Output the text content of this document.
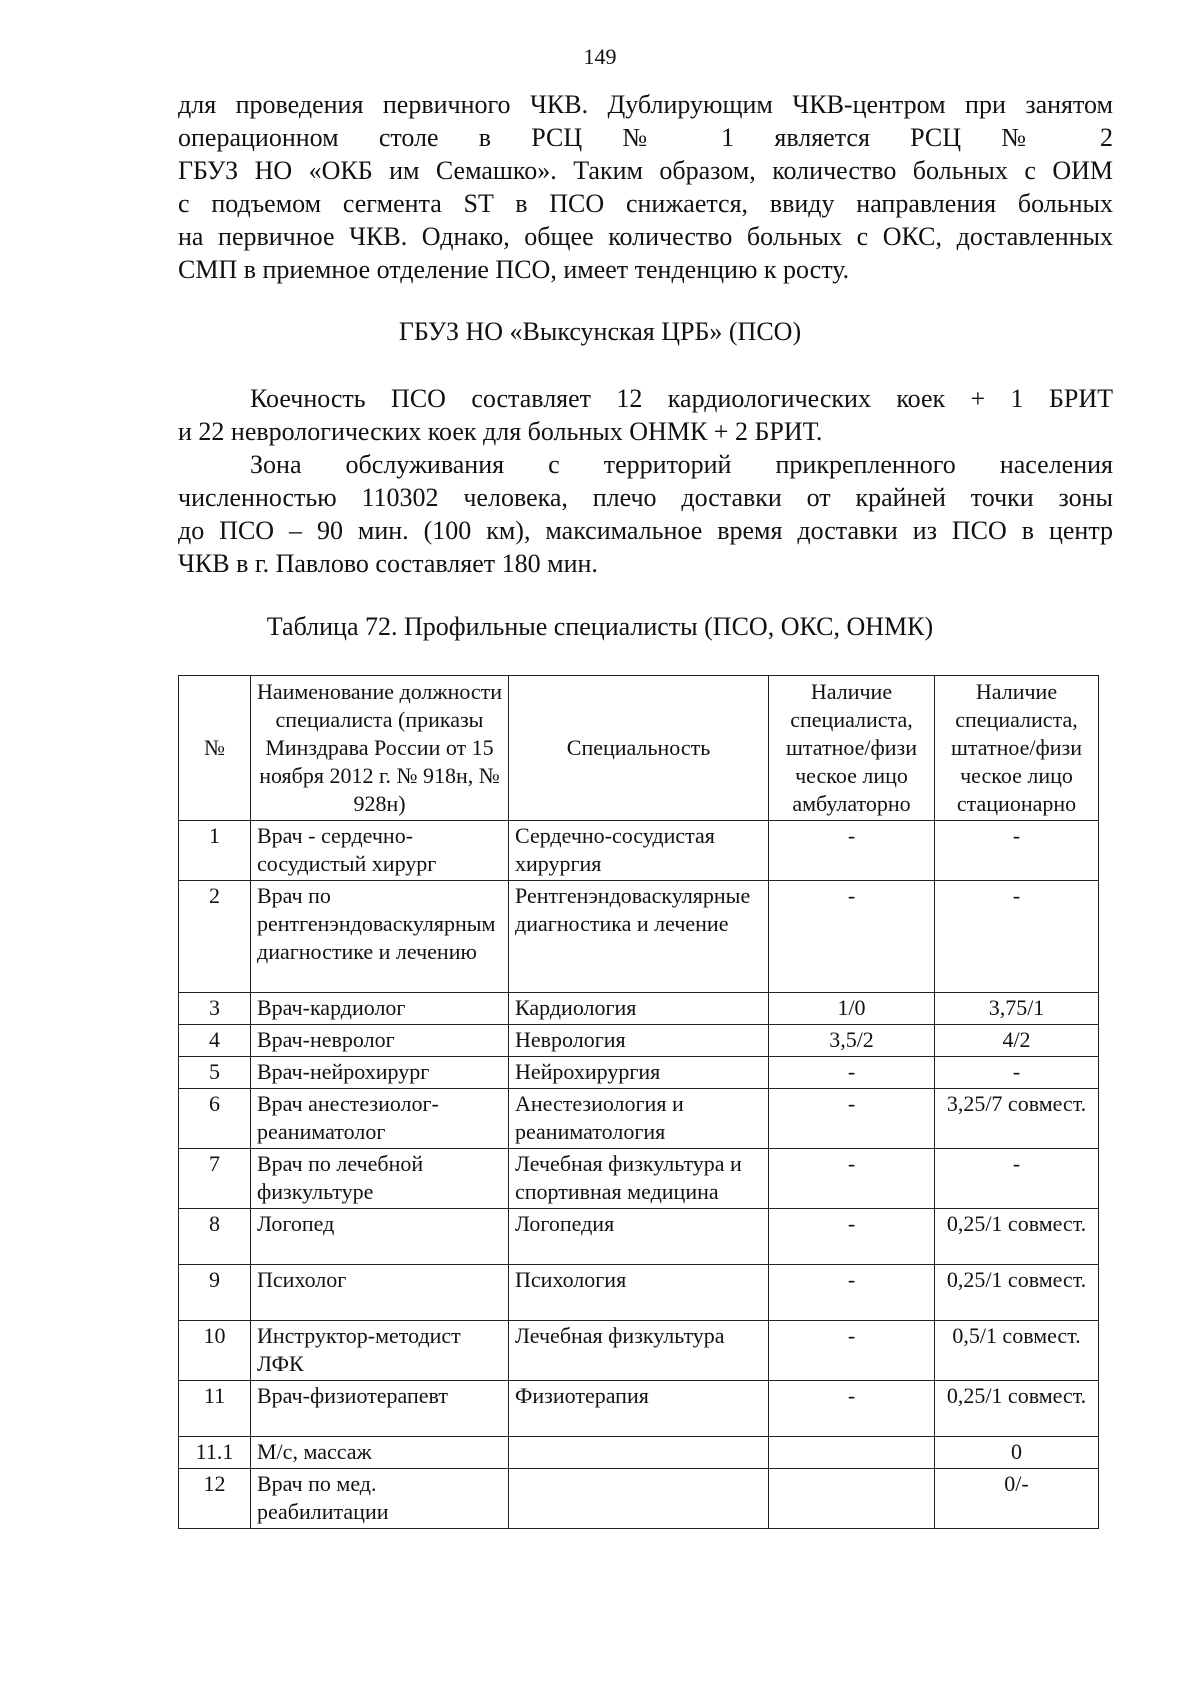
149
для проведения первичного ЧКВ. Дублирующим ЧКВ-центром при занятом
операционном столе в РСЦ № 1 является РСЦ № 2
ГБУЗ НО «ОКБ им Семашко». Таким образом, количество больных с ОИМ
с подъемом сегмента ST в ПСО снижается, ввиду направления больных
на первичное ЧКВ. Однако, общее количество больных с ОКС, доставленных
СМП в приемное отделение ПСО, имеет тенденцию к росту.
ГБУЗ НО «Выксунская ЦРБ» (ПСО)
Коечность ПСО составляет 12 кардиологических коек + 1 БРИТ
и 22 неврологических коек для больных ОНМК + 2 БРИТ.
Зона обслуживания с территорий прикрепленного населения
численностью 110302 человека, плечо доставки от крайней точки зоны
до ПСО – 90 мин. (100 км), максимальное время доставки из ПСО в центр
ЧКВ в г. Павлово составляет 180 мин.
Таблица 72. Профильные специалисты (ПСО, ОКС, ОНМК)
№	Наименование должности специалиста (приказы Минздрава России от 15 ноября 2012 г. № 918н, № 928н)	Специальность	Наличие специалиста, штатное/физи ческое лицо амбулаторно	Наличие специалиста, штатное/физи ческое лицо стационарно
1	Врач - сердечно-сосудистый хирург	Сердечно-сосудистая хирургия	-	-
2	Врач по рентгенэндоваскулярным диагностике и лечению	Рентгенэндоваскулярные диагностика и лечение	-	-
3	Врач-кардиолог	Кардиология	1/0	3,75/1
4	Врач-невролог	Неврология	3,5/2	4/2
5	Врач-нейрохирург	Нейрохирургия	-	-
6	Врач анестезиолог-реаниматолог	Анестезиология и реаниматология	-	3,25/7 совмест.
7	Врач по лечебной физкультуре	Лечебная физкультура и спортивная медицина	-	-
8	Логопед	Логопедия	-	0,25/1 совмест.
9	Психолог	Психология	-	0,25/1 совмест.
10	Инструктор-методист ЛФК	Лечебная физкультура	-	0,5/1 совмест.
11	Врач-физиотерапевт	Физиотерапия	-	0,25/1 совмест.
11.1	М/с, массаж			0
12	Врач по мед. реабилитации			0/-
